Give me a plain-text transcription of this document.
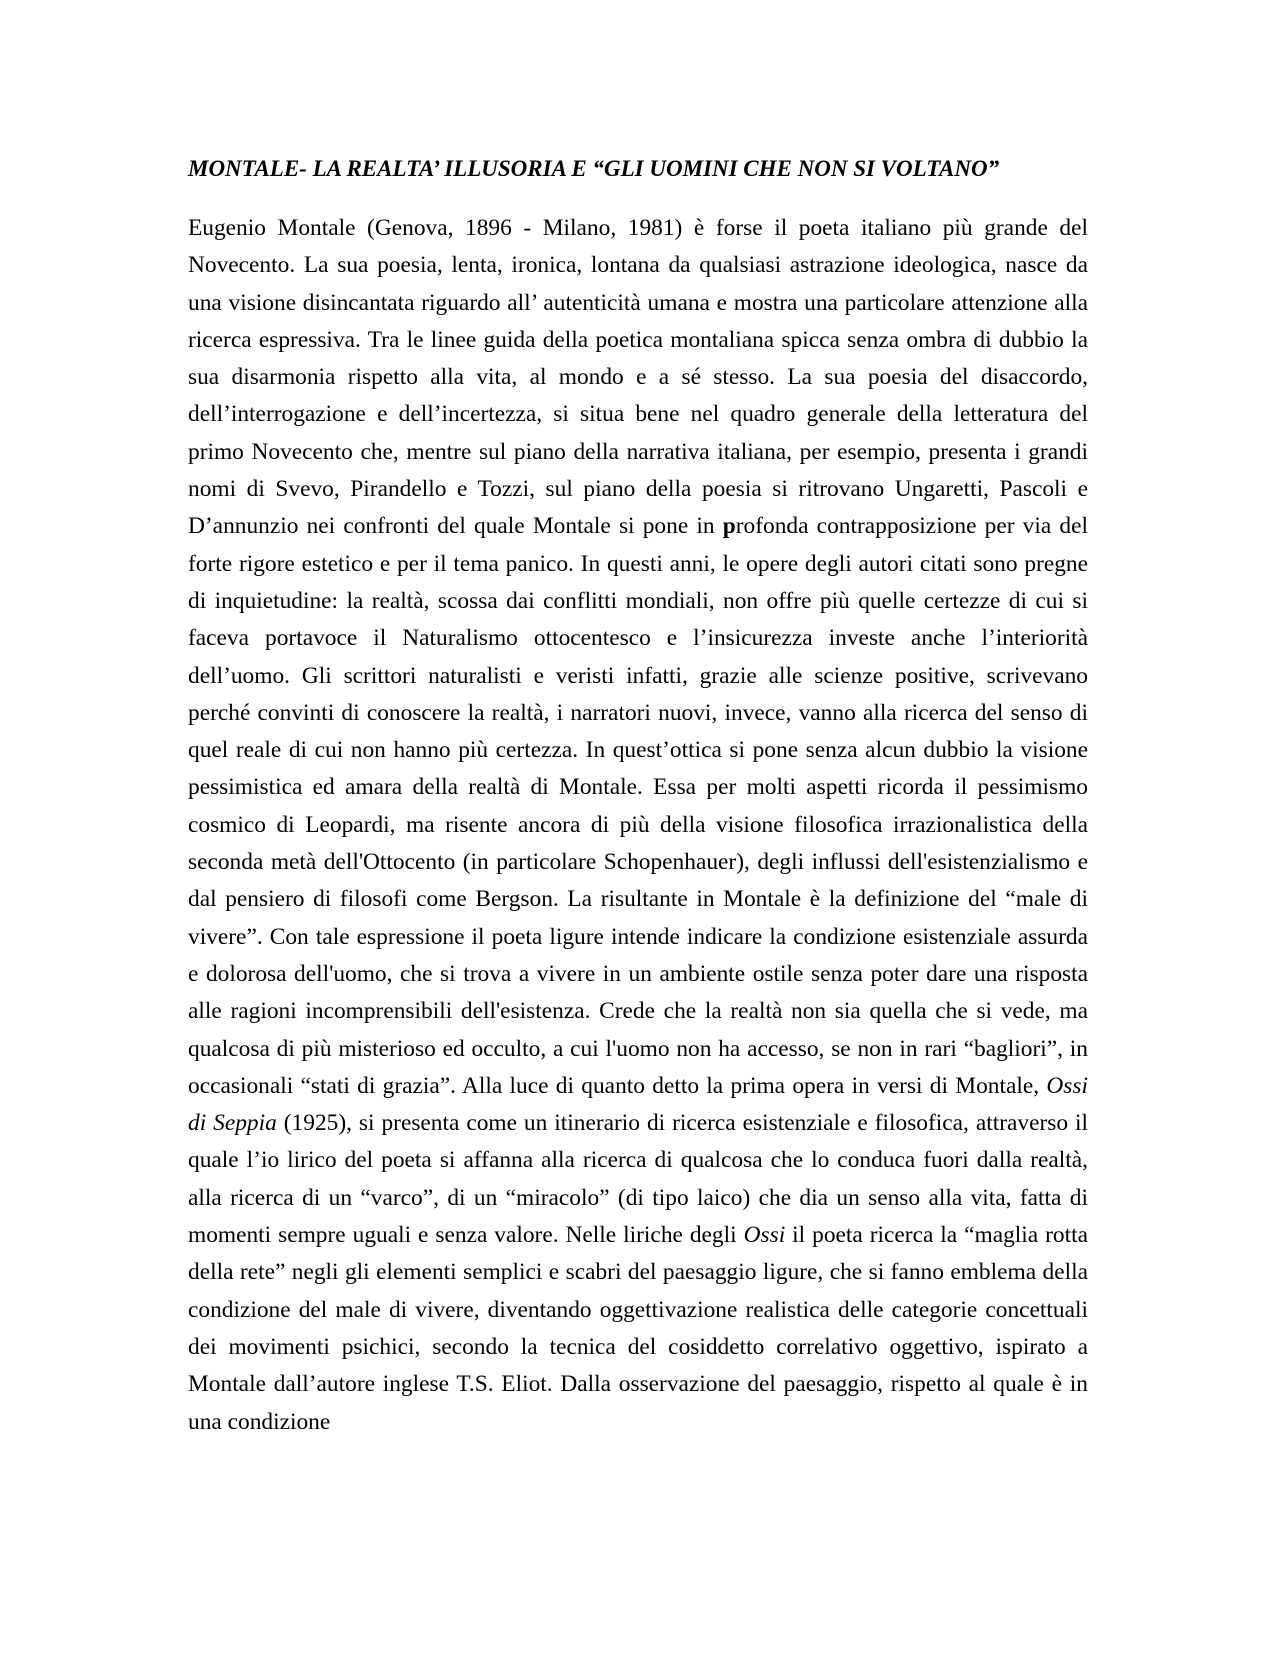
MONTALE- LA REALTA’ ILLUSORIA E “GLI UOMINI CHE NON SI VOLTANO”
Eugenio Montale (Genova, 1896 - Milano, 1981) è forse il poeta italiano più grande del Novecento. La sua poesia, lenta, ironica, lontana da qualsiasi astrazione ideologica, nasce da una visione disincantata riguardo all’ autenticità umana e mostra una particolare attenzione alla ricerca espressiva. Tra le linee guida della poetica montaliana spicca senza ombra di dubbio la sua disarmonia rispetto alla vita, al mondo e a sé stesso. La sua poesia del disaccordo, dell’interrogazione e dell’incertezza, si situa bene nel quadro generale della letteratura del primo Novecento che, mentre sul piano della narrativa italiana, per esempio, presenta i grandi nomi di Svevo, Pirandello e Tozzi, sul piano della poesia si ritrovano Ungaretti, Pascoli e D’annunzio nei confronti del quale Montale si pone in profonda contrapposizione per via del forte rigore estetico e per il tema panico. In questi anni, le opere degli autori citati sono pregne di inquietudine: la realtà, scossa dai conflitti mondiali, non offre più quelle certezze di cui si faceva portavoce il Naturalismo ottocentesco e l’insicurezza investe anche l’interiorità dell’uomo. Gli scrittori naturalisti e veristi infatti, grazie alle scienze positive, scrivevano perché convinti di conoscere la realtà, i narratori nuovi, invece, vanno alla ricerca del senso di quel reale di cui non hanno più certezza. In quest’ottica si pone senza alcun dubbio la visione pessimistica ed amara della realtà di Montale. Essa per molti aspetti ricorda il pessimismo cosmico di Leopardi, ma risente ancora di più della visione filosofica irrazionalistica della seconda metà dell'Ottocento (in particolare Schopenhauer), degli influssi dell'esistenzialismo e dal pensiero di filosofi come Bergson. La risultante in Montale è la definizione del “male di vivere”. Con tale espressione il poeta ligure intende indicare la condizione esistenziale assurda e dolorosa dell'uomo, che si trova a vivere in un ambiente ostile senza poter dare una risposta alle ragioni incomprensibili dell'esistenza. Crede che la realtà non sia quella che si vede, ma qualcosa di più misterioso ed occulto, a cui l'uomo non ha accesso, se non in rari “bagliori”, in occasionali “stati di grazia”. Alla luce di quanto detto la prima opera in versi di Montale, Ossi di Seppia (1925), si presenta come un itinerario di ricerca esistenziale e filosofica, attraverso il quale l’io lirico del poeta si affanna alla ricerca di qualcosa che lo conduca fuori dalla realtà, alla ricerca di un “varco”, di un “miracolo” (di tipo laico) che dia un senso alla vita, fatta di momenti sempre uguali e senza valore. Nelle liriche degli Ossi il poeta ricerca la “maglia rotta della rete” negli gli elementi semplici e scabri del paesaggio ligure, che si fanno emblema della condizione del male di vivere, diventando oggettivazione realistica delle categorie concettuali dei movimenti psichici, secondo la tecnica del cosiddetto correlativo oggettivo, ispirato a Montale dall’autore inglese T.S. Eliot. Dalla osservazione del paesaggio, rispetto al quale è in una condizione
